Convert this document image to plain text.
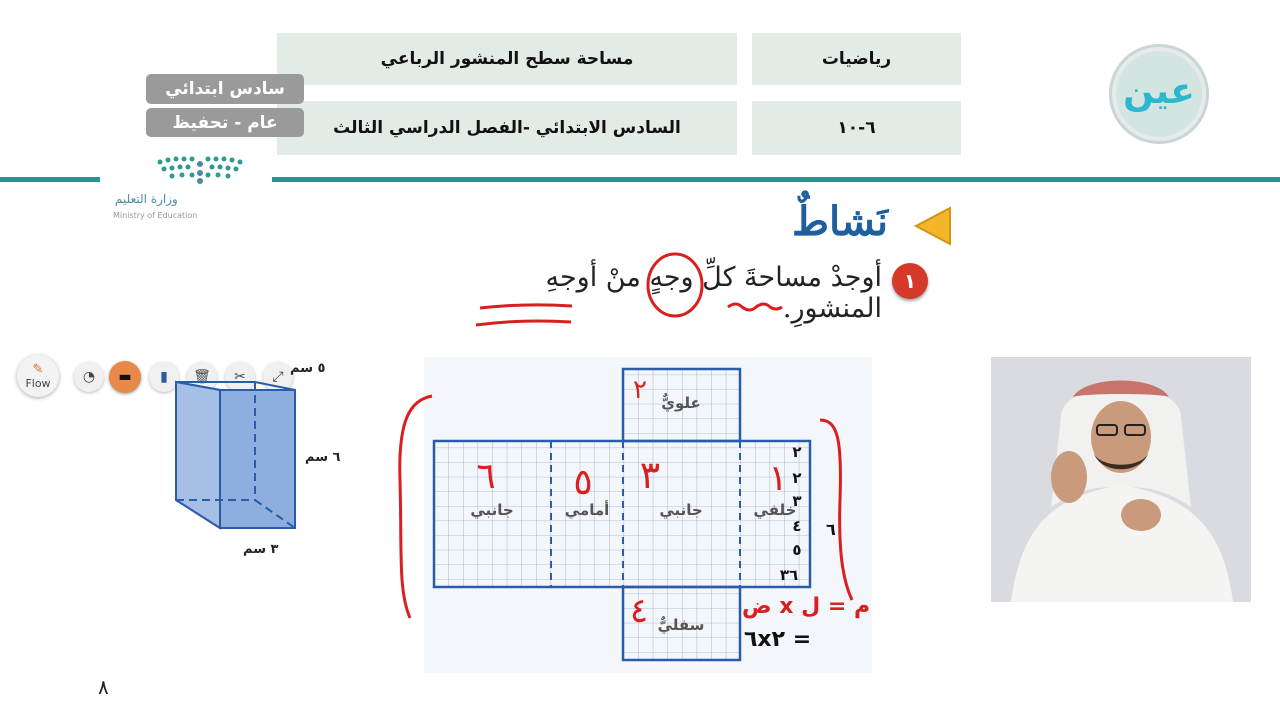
مساحة سطح المنشور الرباعي	رياضيات
السادس الابتدائي -الفصل الدراسي الثالث	٦-١٠
سادس ابتدائي
عام - تحفيظ
وزارة التعليم
Ministry of Education
عين
نَشاطٌ
١
أوجدْ مساحةَ كلِّ وجهٍ منْ أوجهِ المنشورِ.
✎
Flow ◔ ▬ ▮ 🗑 ✂ ⤢
٥ سم
٦ سم
٣ سم
علويٌّ
جانبي	أمامي	جانبي	خلفي
سفليٌّ
٦ ٥ ٣	١
٢
٤
٢
٢
٣
٤
٥
٣٦
٦
م = ل x ض
= ٦x٢
٨
